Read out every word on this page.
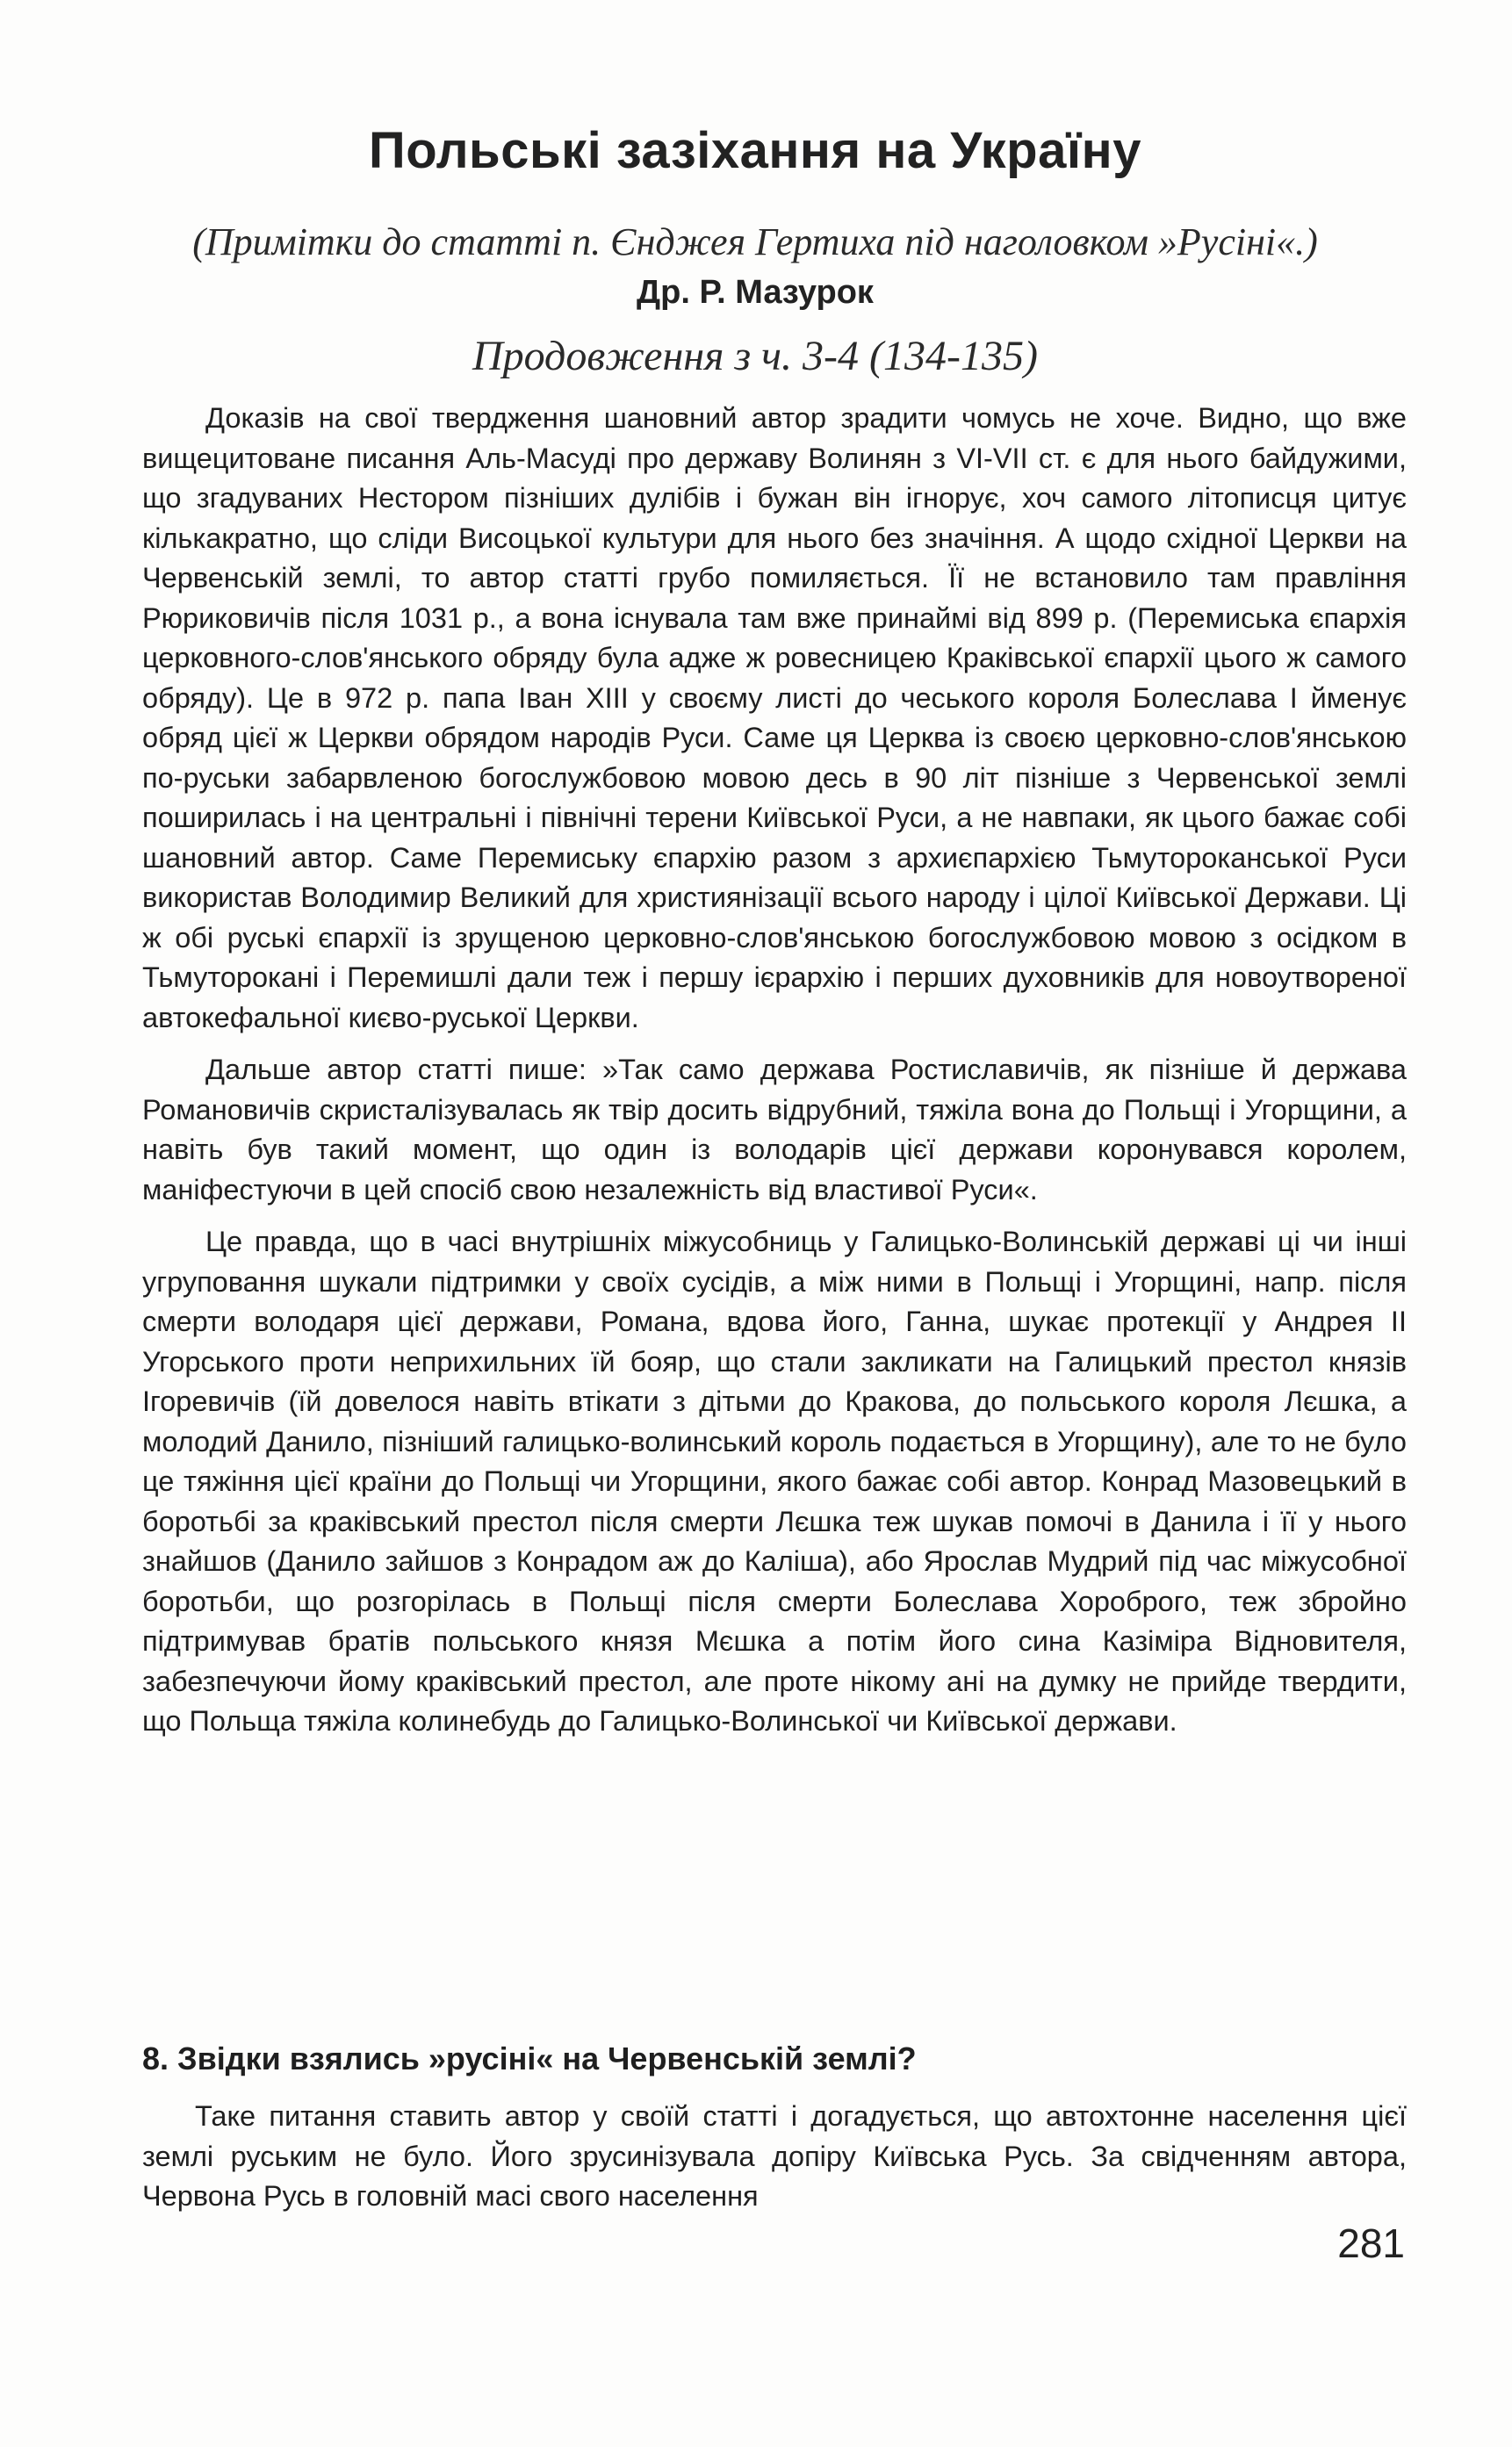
Польські зазіхання на Україну
(Примітки до статті п. Єнджея Гертиха під наголовком »Русіні«.)
Др. Р. Мазурок
Продовження з ч. 3-4 (134-135)

Доказів на свої твердження шановний автор зрадити чомусь не хоче. Видно, що вже вищецитоване писання Аль-Масуді про державу Волинян з VI-VII ст. є для нього байдужими, що згадуваних Нестором пізніших дулібів і бужан він ігнорує, хоч самого літописця цитує кількакратно, що сліди Висоцької культури для нього без значіння. А щодо східної Церкви на Червенській землі, то автор статті грубо помиляється. Її не встановило там правління Рюриковичів після 1031 р., а вона існувала там вже принаймі від 899 р. (Перемиська єпархія церковного-слов'янського обряду була адже ж ровесницею Краківської єпархії цього ж самого обряду). Це в 972 р. папа Іван XIII у своєму листі до чеського короля Болеслава І йменує обряд цієї ж Церкви обрядом народів Руси. Саме ця Церква із своєю церковно-слов'янською по-руськи забарвленою богослужбовою мовою десь в 90 літ пізніше з Червенської землі поширилась і на центральні і північні терени Київської Руси, а не навпаки, як цього бажає собі шановний автор. Саме Перемиську єпархію разом з архиєпархією Тьмутороканської Руси використав Володимир Великий для християнізації всього народу і цілої Київської Держави. Ці ж обі руські єпархії із зрущеною церковно-слов'янською богослужбовою мовою з осідком в Тьмуторокані і Перемишлі дали теж і першу ієрархію і перших духовників для новоутвореної автокефальної києво-руської Церкви.

Дальше автор статті пише: »Так само держава Ростиславичів, як пізніше й держава Романовичів скристалізувалась як твір досить відрубний, тяжіла вона до Польщі і Угорщини, а навіть був такий момент, що один із володарів цієї держави коронувався королем, маніфестуючи в цей спосіб свою незалежність від властивої Руси«.

Це правда, що в часі внутрішніх міжусобниць у Галицько-Волинській державі ці чи інші угруповання шукали підтримки у своїх сусідів, а між ними в Польщі і Угорщині, напр. після смерти володаря цієї держави, Романа, вдова його, Ганна, шукає протекції у Андрея ІІ Угорського проти неприхильних їй бояр, що стали закликати на Галицький престол князів Ігоревичів (їй довелося навіть втікати з дітьми до Кракова, до польського короля Лєшка, а молодий Данило, пізніший галицько-волинський король подається в Угорщину), але то не було це тяжіння цієї країни до Польщі чи Угорщини, якого бажає собі автор. Конрад Мазовецький в боротьбі за краківський престол після смерти Лєшка теж шукав помочі в Данила і її у нього знайшов (Данило зайшов з Конрадом аж до Каліша), або Ярослав Мудрий під час міжусобної боротьби, що розгорілась в Польщі після смерти Болеслава Хороброго, теж збройно підтримував братів польського князя Мєшка а потім його сина Казіміра Відновителя, забезпечуючи йому краківський престол, але проте нікому ані на думку не прийде твердити, що Польща тяжіла колинебудь до Галицько-Волинської чи Київської держави.

8. Звідки взялись »русіні« на Червенській землі?

Таке питання ставить автор у своїй статті і догадується, що автохтонне населення цієї землі руським не було. Його зрусинізувала допіру Київська Русь. За свідченням автора, Червона Русь в головній масі свого населення

281
